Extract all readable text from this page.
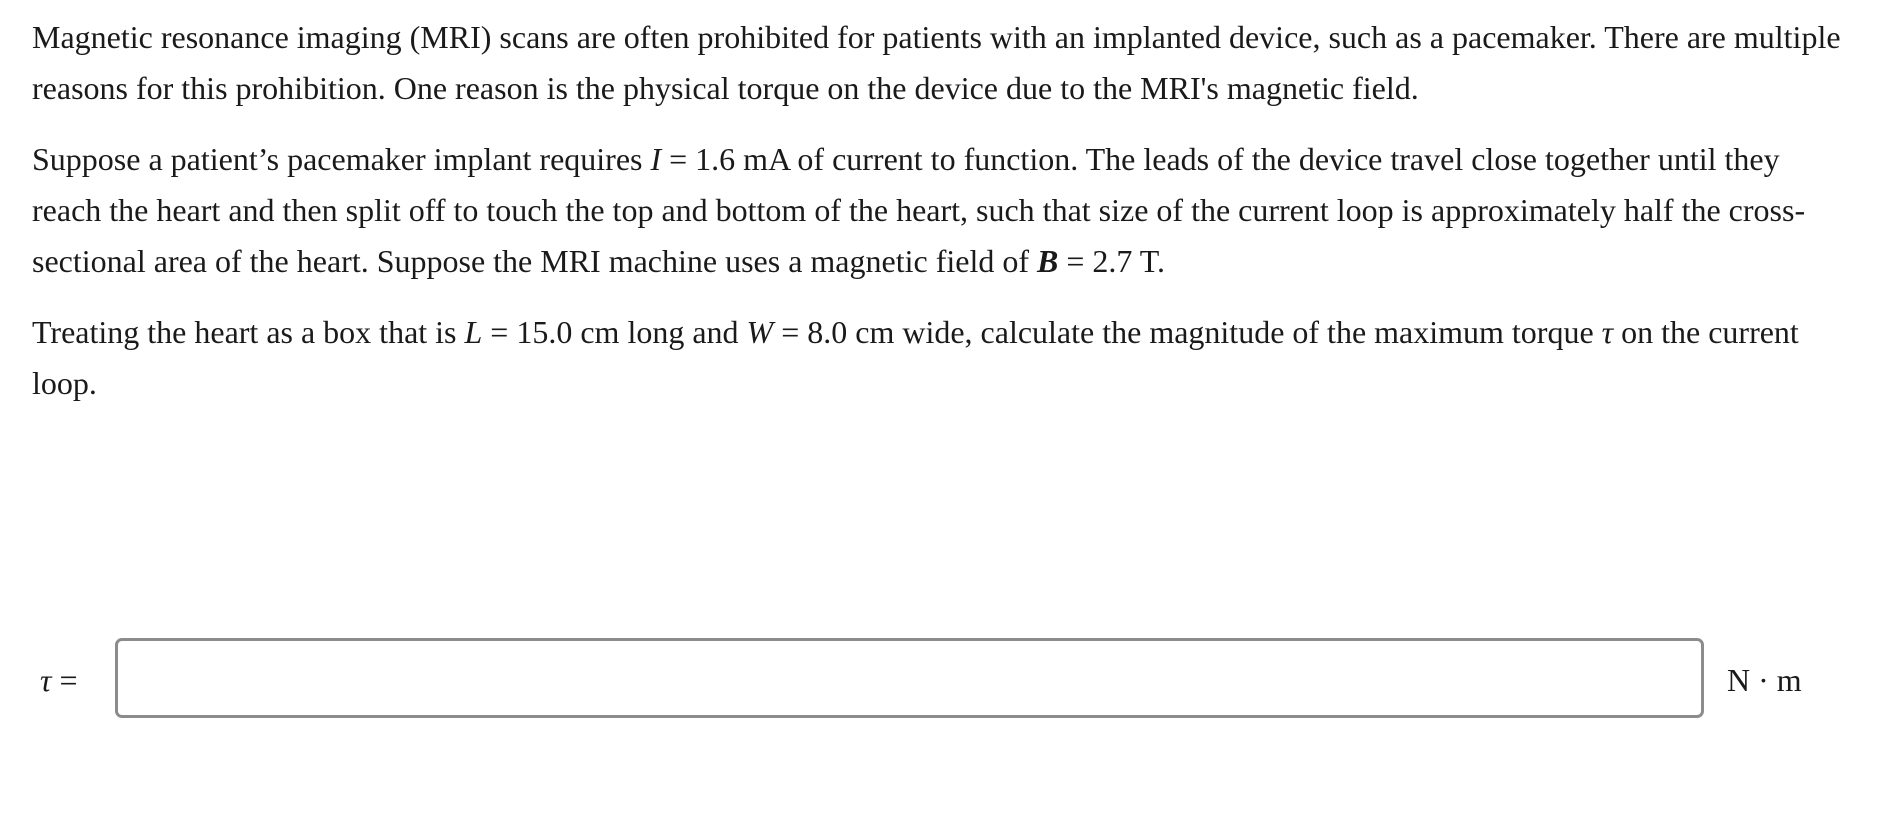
Magnetic resonance imaging (MRI) scans are often prohibited for patients with an implanted device, such as a pacemaker. There are multiple reasons for this prohibition. One reason is the physical torque on the device due to the MRI's magnetic field.

Suppose a patient’s pacemaker implant requires I = 1.6 mA of current to function. The leads of the device travel close together until they reach the heart and then split off to touch the top and bottom of the heart, such that size of the current loop is approximately half the cross-sectional area of the heart. Suppose the MRI machine uses a magnetic field of B = 2.7 T.

Treating the heart as a box that is L = 15.0 cm long and W = 8.0 cm wide, calculate the magnitude of the maximum torque τ on the current loop.

τ =	N · m
